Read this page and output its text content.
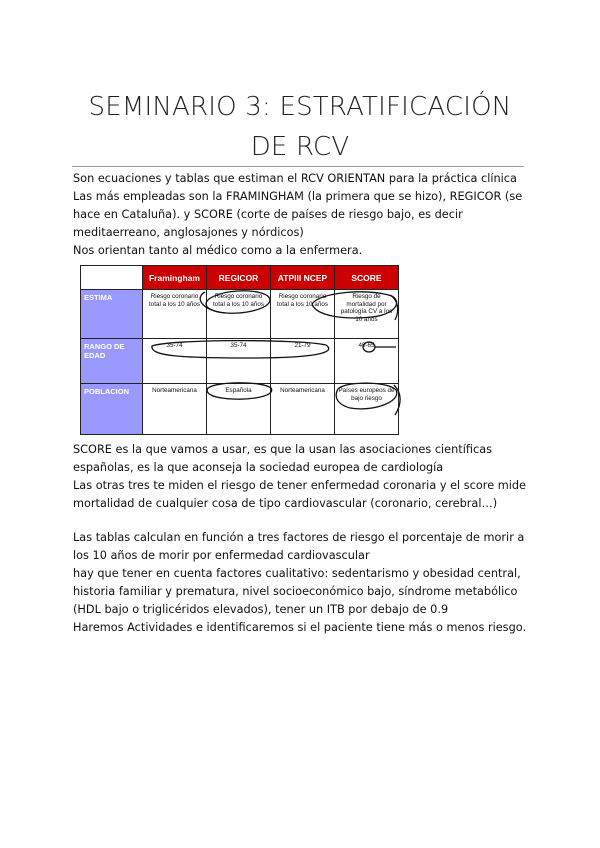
SEMINARIO 3: ESTRATIFICACIÓN DE RCV

Son ecuaciones y tablas que estiman el RCV ORIENTAN para la práctica clínica

Las más empleadas son la FRAMINGHAM (la primera que se hizo), REGICOR (se hace en Cataluña). y SCORE (corte de países de riesgo bajo, es decir meditaerreano, anglosajones y nórdicos)

Nos orientan tanto al médico como a la enfermera.

	Framingham	REGICOR	ATPIII NCEP	SCORE
ESTIMA	Riesgo coronario total a los 10 años	Riesgo coronario total a los 10 años	Riesgo coronario total a los 10 años	Riesgo de mortalidad por patología CV a los 10 años
RANGO DE EDAD	35-74	35-74	21-79	40-65
POBLACION	Norteamericana	Española	Norteamericana	Países europeos de bajo riesgo

SCORE es la que vamos a usar, es que la usan las asociaciones científicas españolas, es la que aconseja la sociedad europea de cardiología

Las otras tres te miden el riesgo de tener enfermedad coronaria y el score mide mortalidad de cualquier cosa de tipo cardiovascular (coronario, cerebral…)

Las tablas calculan en función a tres factores de riesgo el porcentaje de morir a los 10 años de morir por enfermedad cardiovascular

hay que tener en cuenta factores cualitativo: sedentarismo y obesidad central, historia familiar y prematura, nivel socioeconómico bajo, síndrome metabólico (HDL bajo o triglicéridos elevados), tener un ITB por debajo de 0.9

Haremos Actividades e identificaremos si el paciente tiene más o menos riesgo.
